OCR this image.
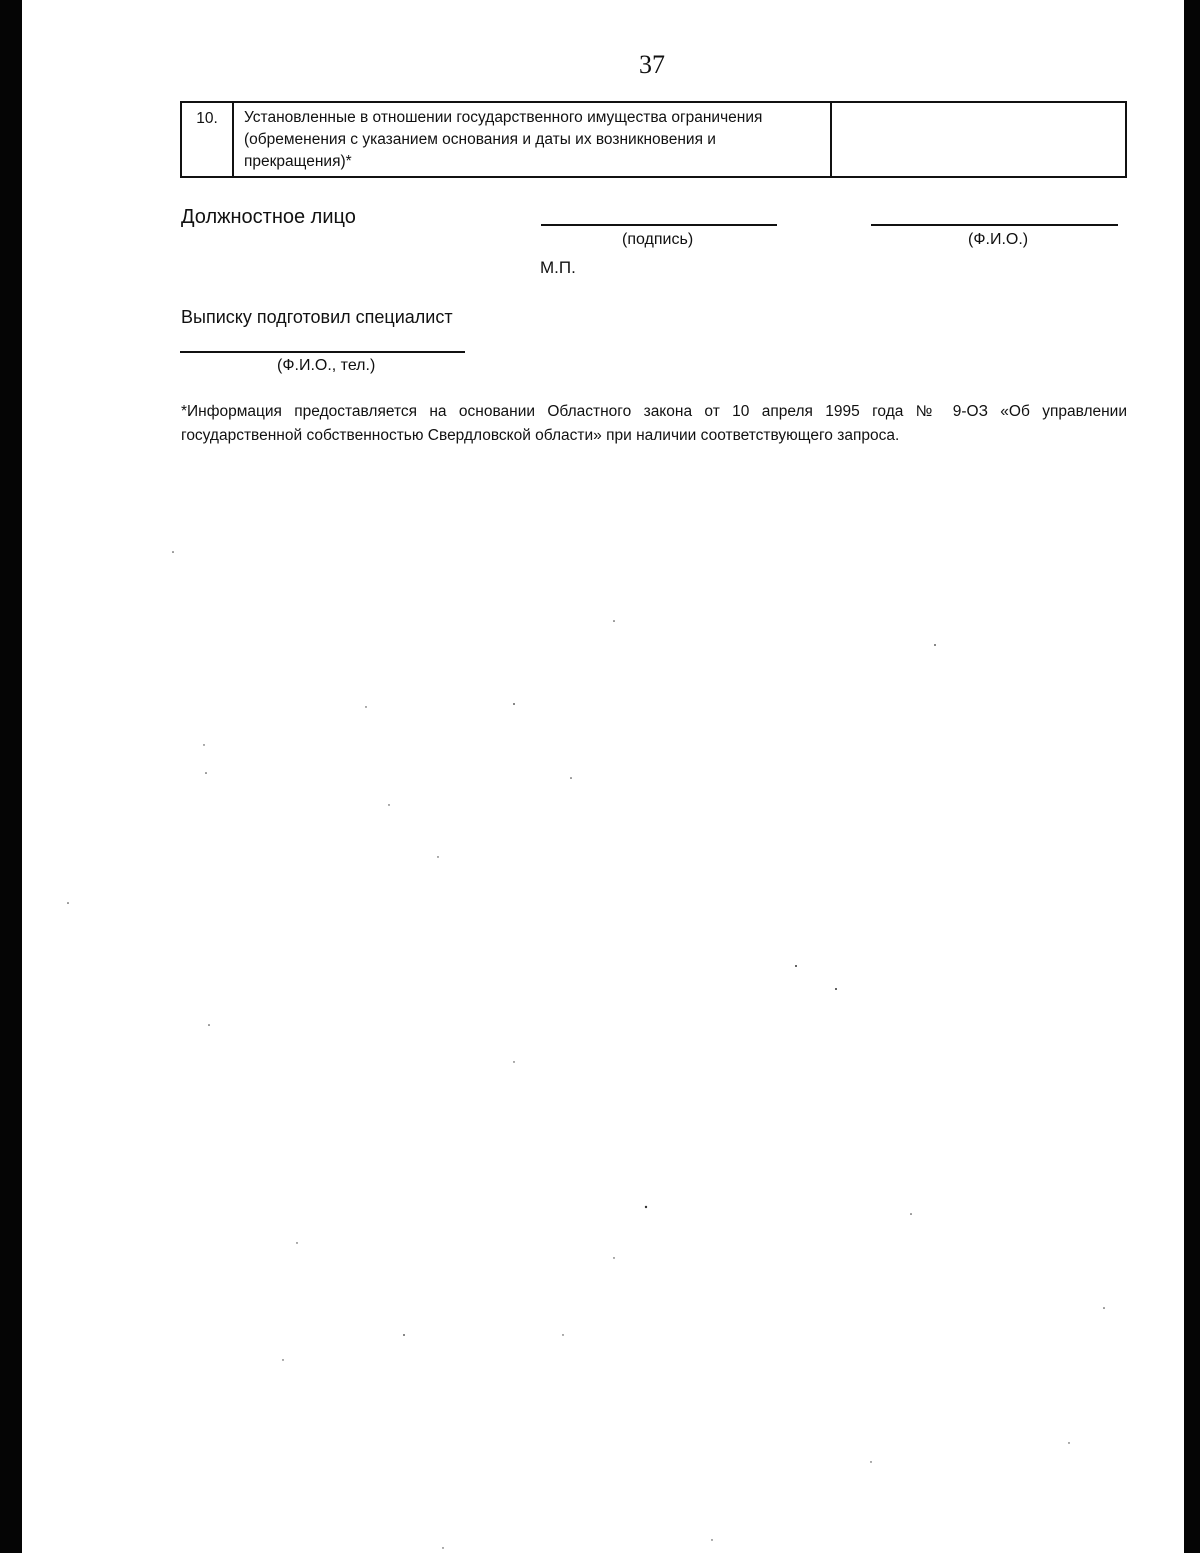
37
10.	Установленные в отношении государственного имущества ограничения (обременения с указанием основания и даты их возникновения и прекращения)*	
Должностное лицо
(подпись)	(Ф.И.О.)
М.П.
Выписку подготовил специалист
(Ф.И.О., тел.)
*Информация предоставляется на основании Областного закона от 10 апреля 1995 года № 9-ОЗ «Об управлении государственной собственностью Свердловской области» при наличии соответствующего запроса.
